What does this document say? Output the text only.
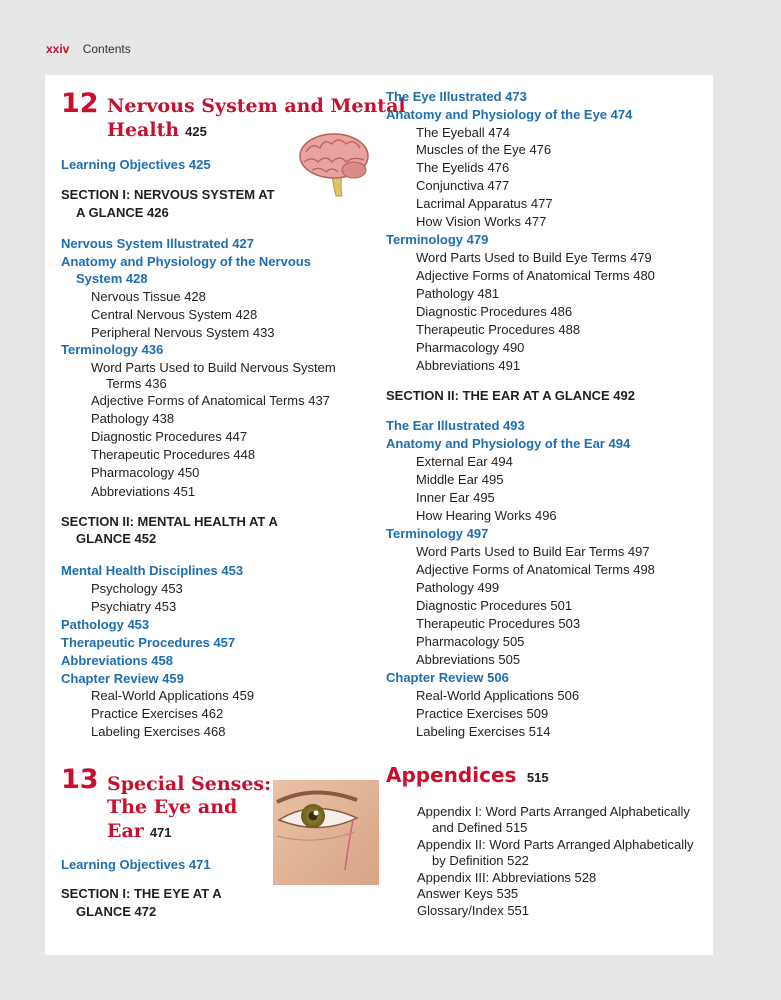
xxiv Contents
12 Nervous System and Mental
Health 425
Learning Objectives 425
SECTION I: NERVOUS SYSTEM AT
A GLANCE 426
Nervous System Illustrated 427
Anatomy and Physiology of the Nervous
System 428
Nervous Tissue 428
Central Nervous System 428
Peripheral Nervous System 433
Terminology 436
Word Parts Used to Build Nervous System
Terms 436
Adjective Forms of Anatomical Terms 437
Pathology 438
Diagnostic Procedures 447
Therapeutic Procedures 448
Pharmacology 450
Abbreviations 451
SECTION II: MENTAL HEALTH AT A
GLANCE 452
Mental Health Disciplines 453
Psychology 453
Psychiatry 453
Pathology 453
Therapeutic Procedures 457
Abbreviations 458
Chapter Review 459
Real-World Applications 459
Practice Exercises 462
Labeling Exercises 468
13 Special Senses:
The Eye and
Ear 471
Learning Objectives 471
SECTION I: THE EYE AT A
GLANCE 472
The Eye Illustrated 473
Anatomy and Physiology of the Eye 474
The Eyeball 474
Muscles of the Eye 476
The Eyelids 476
Conjunctiva 477
Lacrimal Apparatus 477
How Vision Works 477
Terminology 479
Word Parts Used to Build Eye Terms 479
Adjective Forms of Anatomical Terms 480
Pathology 481
Diagnostic Procedures 486
Therapeutic Procedures 488
Pharmacology 490
Abbreviations 491
SECTION II: THE EAR AT A GLANCE 492
The Ear Illustrated 493
Anatomy and Physiology of the Ear 494
External Ear 494
Middle Ear 495
Inner Ear 495
How Hearing Works 496
Terminology 497
Word Parts Used to Build Ear Terms 497
Adjective Forms of Anatomical Terms 498
Pathology 499
Diagnostic Procedures 501
Therapeutic Procedures 503
Pharmacology 505
Abbreviations 505
Chapter Review 506
Real-World Applications 506
Practice Exercises 509
Labeling Exercises 514
Appendices 515
Appendix I: Word Parts Arranged Alphabetically
and Defined 515
Appendix II: Word Parts Arranged Alphabetically
by Definition 522
Appendix III: Abbreviations 528
Answer Keys 535
Glossary/Index 551
